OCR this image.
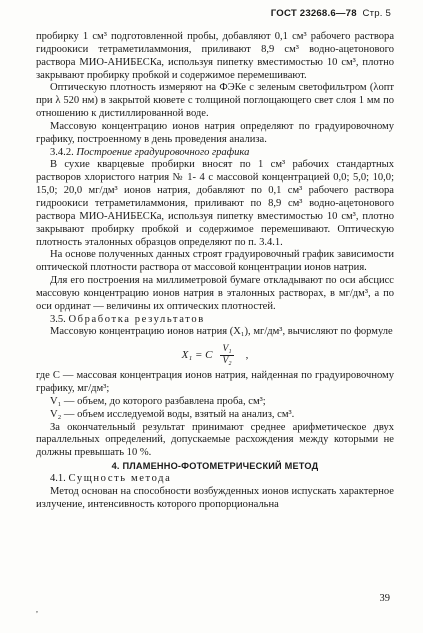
ГОСТ 23268.6—78 Стр. 5

пробирку 1 см³ подготовленной пробы, добавляют 0,1 см³ рабочего раствора гидроокиси тетраметиламмония, приливают 8,9 см³ водно-ацетонового раствора МИО-АНИБЕСКа, используя пипетку вместимостью 10 см³, плотно закрывают пробирку пробкой и содержимое перемешивают.

Оптическую плотность измеряют на ФЭКе с зеленым светофильтром (λопт при λ 520 нм) в закрытой кювете с толщиной поглощающего свет слоя 1 мм по отношению к дистиллированной воде.

Массовую концентрацию ионов натрия определяют по градуировочному графику, построенному в день проведения анализа.

3.4.2. Построение градуировочного графика

В сухие кварцевые пробирки вносят по 1 см³ рабочих стандартных растворов хлористого натрия № 1- 4 с массовой концентрацией 0,0; 5,0; 10,0; 15,0; 20,0 мг/дм³ ионов натрия, добавляют по 0,1 см³ рабочего раствора гидроокиси тетраметиламмония, приливают по 8,9 см³ водно-ацетонового раствора МИО-АНИБЕСКа, используя пипетку вместимостью 10 см³, плотно закрывают пробирку пробкой и содержимое перемешивают. Оптическую плотность эталонных образцов определяют по п. 3.4.1.

На основе полученных данных строят градуировочный график зависимости оптической плотности раствора от массовой концентрации ионов натрия.

Для его построения на миллиметровой бумаге откладывают по оси абсцисс массовую концентрацию ионов натрия в эталонных растворах, в мг/дм³, а по оси ординат — величины их оптических плотностей.

3.5. Обработка результатов

Массовую концентрацию ионов натрия (X₁), мг/дм³, вычисляют по формуле

X₁ = C $\frac{\text{V₁}}{\text{V₂}}$ ,

где C — массовая концентрация ионов натрия, найденная по градуировочному графику, мг/дм³;

V₁ — объем, до которого разбавлена проба, см³;

V₂ — объем исследуемой воды, взятый на анализ, см³.

За окончательный результат принимают среднее арифметическое двух параллельных определений, допускаемые расхождения между которыми не должны превышать 10 %.

4. ПЛАМЕННО-ФОТОМЕТРИЧЕСКИЙ МЕТОД

4.1. Сущность метода

Метод основан на способности возбужденных ионов испускать характерное излучение, интенсивность которого пропорциональна

39
,
